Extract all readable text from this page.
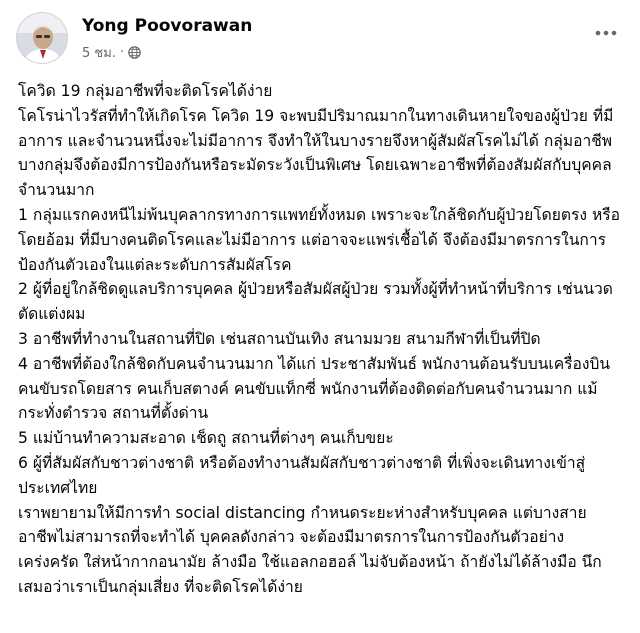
Yong Poovorawan
5 ชม. ·

โควิด 19 กลุ่มอาชีพที่จะติดโรคได้ง่าย

โคโรน่าไวรัสที่ทำให้เกิดโรค โควิด 19 จะพบมีปริมาณมากในทางเดินหายใจของผู้ป่วย ที่มีอาการ และจำนวนหนึ่งจะไม่มีอาการ จึงทำให้ในบางรายจึงหาผู้สัมผัสโรคไม่ได้ กลุ่มอาชีพบางกลุ่มจึงต้องมีการป้องกันหรือระมัดระวังเป็นพิเศษ โดยเฉพาะอาชีพที่ต้องสัมผัสกับบุคคลจำนวนมาก

1 กลุ่มแรกคงหนีไม่พ้นบุคลากรทางการแพทย์ทั้งหมด เพราะจะใกล้ชิดกับผู้ป่วยโดยตรง หรือโดยอ้อม ที่มีบางคนติดโรคและไม่มีอาการ แต่อาจจะแพร่เชื้อได้ จึงต้องมีมาตรการในการป้องกันตัวเองในแต่ละระดับการสัมผัสโรค

2 ผู้ที่อยู่ใกล้ชิดดูแลบริการบุคคล ผู้ป่วยหรือสัมผัสผู้ป่วย รวมทั้งผู้ที่ทำหน้าที่บริการ เช่นนวด ตัดแต่งผม

3 อาชีพที่ทำงานในสถานที่ปิด เช่นสถานบันเทิง สนามมวย สนามกีฬาที่เป็นที่ปิด

4 อาชีพที่ต้องใกล้ชิดกับคนจำนวนมาก ได้แก่ ประชาสัมพันธ์ พนักงานต้อนรับบนเครื่องบิน คนขับรถโดยสาร คนเก็บสตางค์ คนขับแท็กซี่ พนักงานที่ต้องติดต่อกับคนจำนวนมาก แม้กระทั่งตำรวจ สถานที่ตั้งด่าน

5 แม่บ้านทำความสะอาด เช็ดถู สถานที่ต่างๆ คนเก็บขยะ

6 ผู้ที่สัมผัสกับชาวต่างชาติ หรือต้องทำงานสัมผัสกับชาวต่างชาติ ที่เพิ่งจะเดินทางเข้าสู่ประเทศไทย

เราพยายามให้มีการทำ social distancing กำหนดระยะห่างสำหรับบุคคล แต่บางสายอาชีพไม่สามารถที่จะทำได้ บุคคลดังกล่าว จะต้องมีมาตรการในการป้องกันตัวอย่างเคร่งครัด ใส่หน้ากากอนามัย ล้างมือ ใช้แอลกอฮอล์ ไม่จับต้องหน้า ถ้ายังไม่ได้ล้างมือ นึกเสมอว่าเราเป็นกลุ่มเสี่ยง ที่จะติดโรคได้ง่าย
